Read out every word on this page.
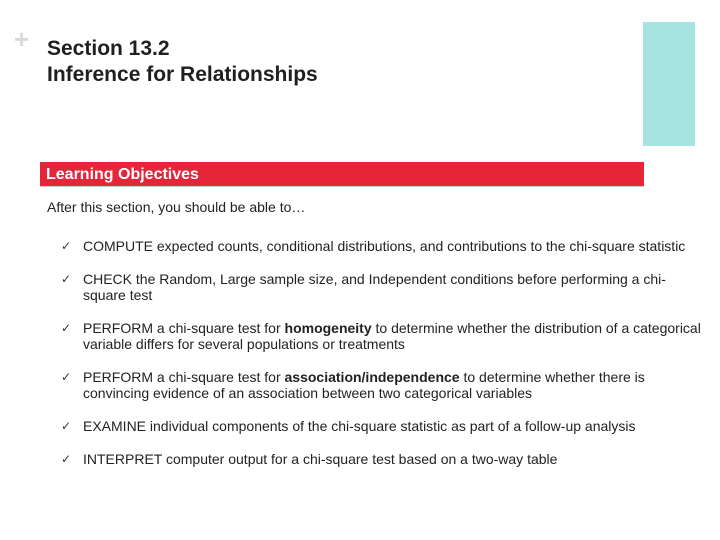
+ Section 13.2
Inference for Relationships
Learning Objectives
After this section, you should be able to…
✓ COMPUTE expected counts, conditional distributions, and contributions to the chi-square statistic
✓ CHECK the Random, Large sample size, and Independent conditions before performing a chi-square test
✓ PERFORM a chi-square test for homogeneity to determine whether the distribution of a categorical variable differs for several populations or treatments
✓ PERFORM a chi-square test for association/independence to determine whether there is convincing evidence of an association between two categorical variables
✓ EXAMINE individual components of the chi-square statistic as part of a follow-up analysis
✓ INTERPRET computer output for a chi-square test based on a two-way table
